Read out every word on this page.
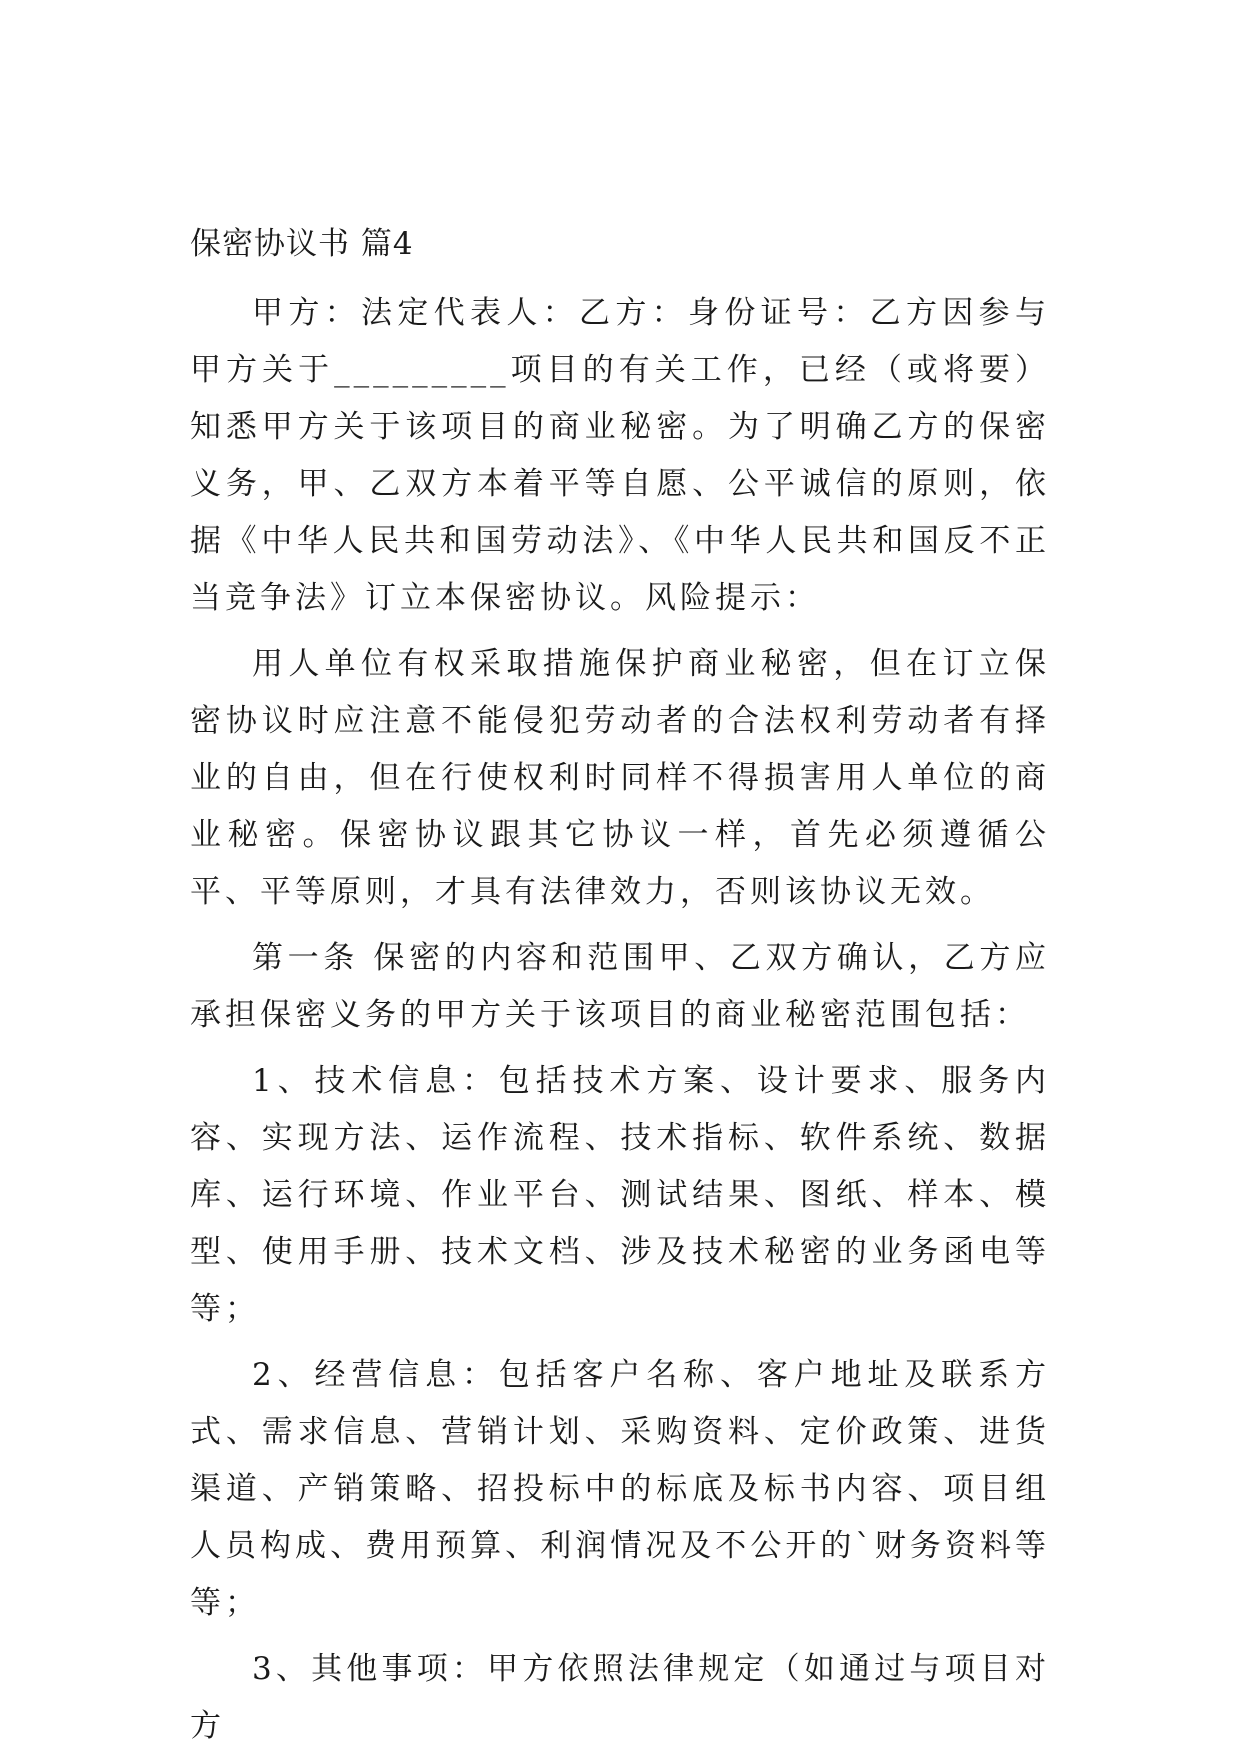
保密协议书 篇4

甲方：法定代表人：乙方：身份证号：乙方因参与甲方关于_________项目的有关工作，已经（或将要）知悉甲方关于该项目的商业秘密。为了明确乙方的保密义务，甲、乙双方本着平等自愿、公平诚信的原则，依据《中华人民共和国劳动法》、《中华人民共和国反不正当竞争法》订立本保密协议。风险提示：

用人单位有权采取措施保护商业秘密，但在订立保密协议时应注意不能侵犯劳动者的合法权利劳动者有择业的自由，但在行使权利时同样不得损害用人单位的商业秘密。保密协议跟其它协议一样，首先必须遵循公平、平等原则，才具有法律效力，否则该协议无效。

第一条 保密的内容和范围甲、乙双方确认，乙方应承担保密义务的甲方关于该项目的商业秘密范围包括：

1、技术信息：包括技术方案、设计要求、服务内容、实现方法、运作流程、技术指标、软件系统、数据库、运行环境、作业平台、测试结果、图纸、样本、模型、使用手册、技术文档、涉及技术秘密的业务函电等等；

2、经营信息：包括客户名称、客户地址及联系方式、需求信息、营销计划、采购资料、定价政策、进货渠道、产销策略、招投标中的标底及标书内容、项目组人员构成、费用预算、利润情况及不公开的`财务资料等等；

3、其他事项：甲方依照法律规定（如通过与项目对方
